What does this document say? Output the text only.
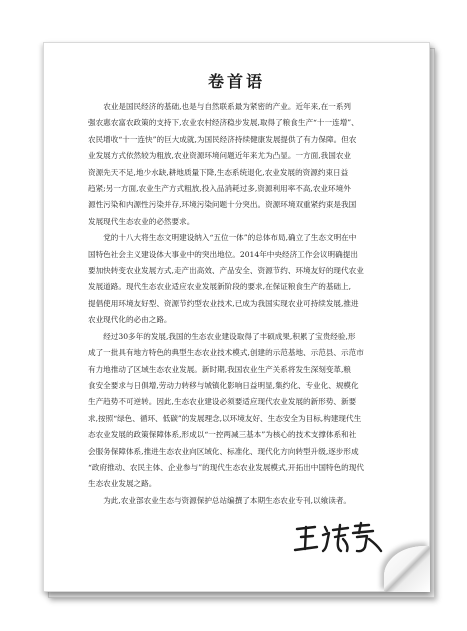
卷首语

农业是国民经济的基础,也是与自然联系最为紧密的产业。近年来,在一系列
强农惠农富农政策的支持下,农业农村经济稳步发展,取得了粮食生产“十一连增”、
农民增收“十一连快”的巨大成就,为国民经济持续健康发展提供了有力保障。但农
业发展方式依然较为粗放,农业资源环境问题近年来尤为凸显。一方面,我国农业
资源先天不足,地少水缺,耕地质量下降,生态系统退化,农业发展的资源约束日益
趋紧;另一方面,农业生产方式粗放,投入品消耗过多,资源利用率不高,农业环境外
源性污染和内源性污染并存,环境污染问题十分突出。资源环境双重紧约束是我国
发展现代生态农业的必然要求。

党的十八大将生态文明建设纳入“五位一体”的总体布局,确立了生态文明在中
国特色社会主义建设体大事业中的突出地位。2014年中央经济工作会议明确提出
要加快转变农业发展方式,走产出高效、产品安全、资源节约、环境友好的现代农业
发展道路。现代生态农业适应农业发展新阶段的要求,在保证粮食生产的基础上,
提倡使用环境友好型、资源节约型农业技术,已成为我国实现农业可持续发展,推进
农业现代化的必由之路。

经过30多年的发展,我国的生态农业建设取得了丰硕成果,积累了宝贵经验,形
成了一批具有地方特色的典型生态农业技术模式,创建的示范基地、示范县、示范市
有力地推动了区域生态农业发展。新时期,我国农业生产关系将发生深刻变革,粮
食安全要求与日俱增,劳动力转移与城镇化影响日益明显,集约化、专业化、规模化
生产趋势不可逆转。因此,生态农业建设必须要适应现代农业发展的新形势、新要
求,按照“绿色、循环、低碳”的发展理念,以环境友好、生态安全为目标,构建现代生
态农业发展的政策保障体系,形成以“一控两减三基本”为核心的技术支撑体系和社
会服务保障体系,推进生态农业向区域化、标准化、现代化方向转型升级,逐步形成
“政府推动、农民主体、企业参与”的现代生态农业发展模式,开拓出中国特色的现代
生态农业发展之路。

为此,农业部农业生态与资源保护总站编撰了本期生态农业专刊,以飨读者。
